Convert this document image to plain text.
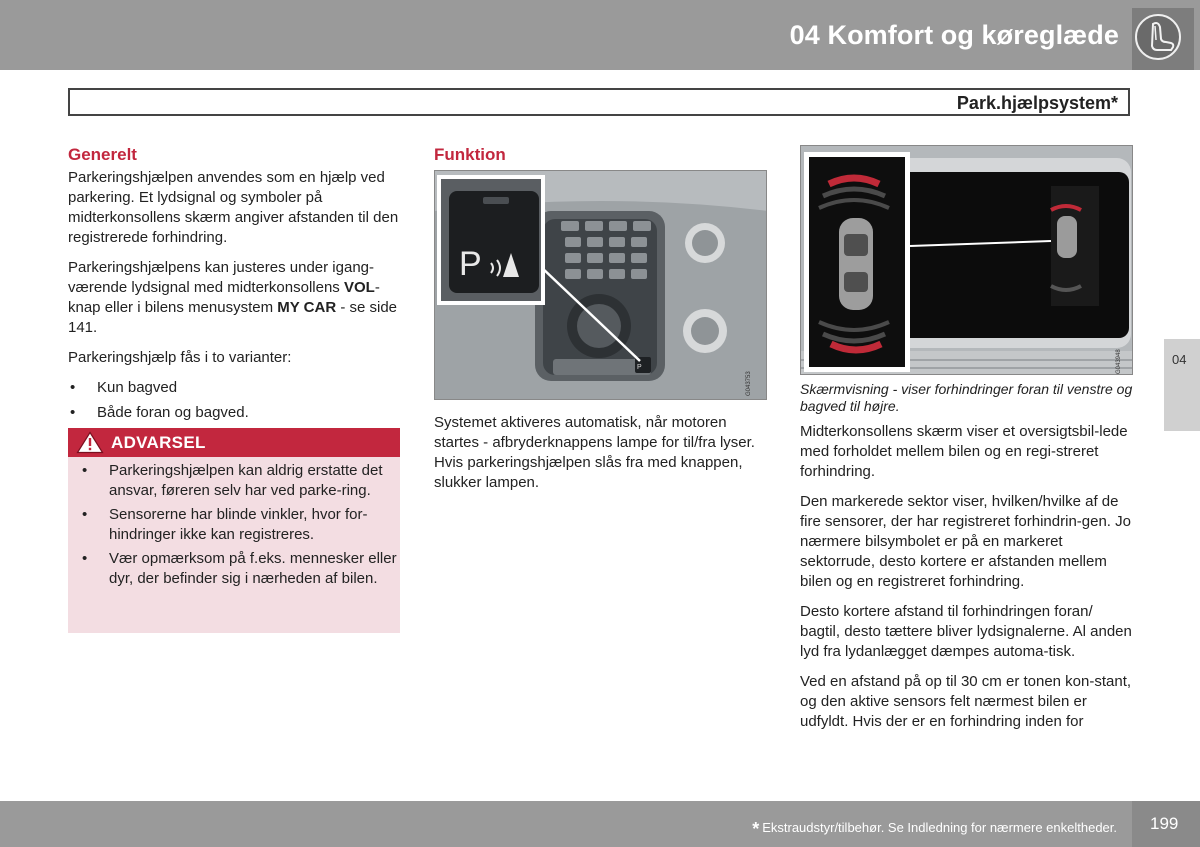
04 Komfort og køreglæde
Park.hjælpsystem*
04
Generelt

Parkeringshjælpen anvendes som en hjælp ved parkering. Et lydsignal og symboler på midterkonsollens skærm angiver afstanden til den registrerede forhindring.

Parkeringshjælpens kan justeres under igang-værende lydsignal med midterkonsollens VOL-knap eller i bilens menusystem MY CAR - se side 141.

Parkeringshjælp fås i to varianter:

• Kun bagved
• Både foran og bagved.
ADVARSEL
• Parkeringshjælpen kan aldrig erstatte det ansvar, føreren selv har ved parke-ring.
• Sensorerne har blinde vinkler, hvor for-hindringer ikke kan registreres.
• Vær opmærksom på f.eks. mennesker eller dyr, der befinder sig i nærheden af bilen.
Funktion
P
P
G043753

Systemet aktiveres automatisk, når motoren startes - afbryderknappens lampe for til/fra lyser. Hvis parkeringshjælpen slås fra med knappen, slukker lampen.

G043948
Skærmvisning - viser forhindringer foran til venstre og bagved til højre.

Midterkonsollens skærm viser et oversigtsbil-lede med forholdet mellem bilen og en regi-streret forhindring.

Den markerede sektor viser, hvilken/hvilke af de fire sensorer, der har registreret forhindrin-gen. Jo nærmere bilsymbolet er på en markeret sektorrude, desto kortere er afstanden mellem bilen og en registreret forhindring.

Desto kortere afstand til forhindringen foran/ bagtil, desto tættere bliver lydsignalerne. Al anden lyd fra lydanlægget dæmpes automa-tisk.

Ved en afstand på op til 30 cm er tonen kon-stant, og den aktive sensors felt nærmest bilen er udfyldt. Hvis der er en forhindring inden for

* Ekstraudstyr/tilbehør. Se Indledning for nærmere enkeltheder. 199
